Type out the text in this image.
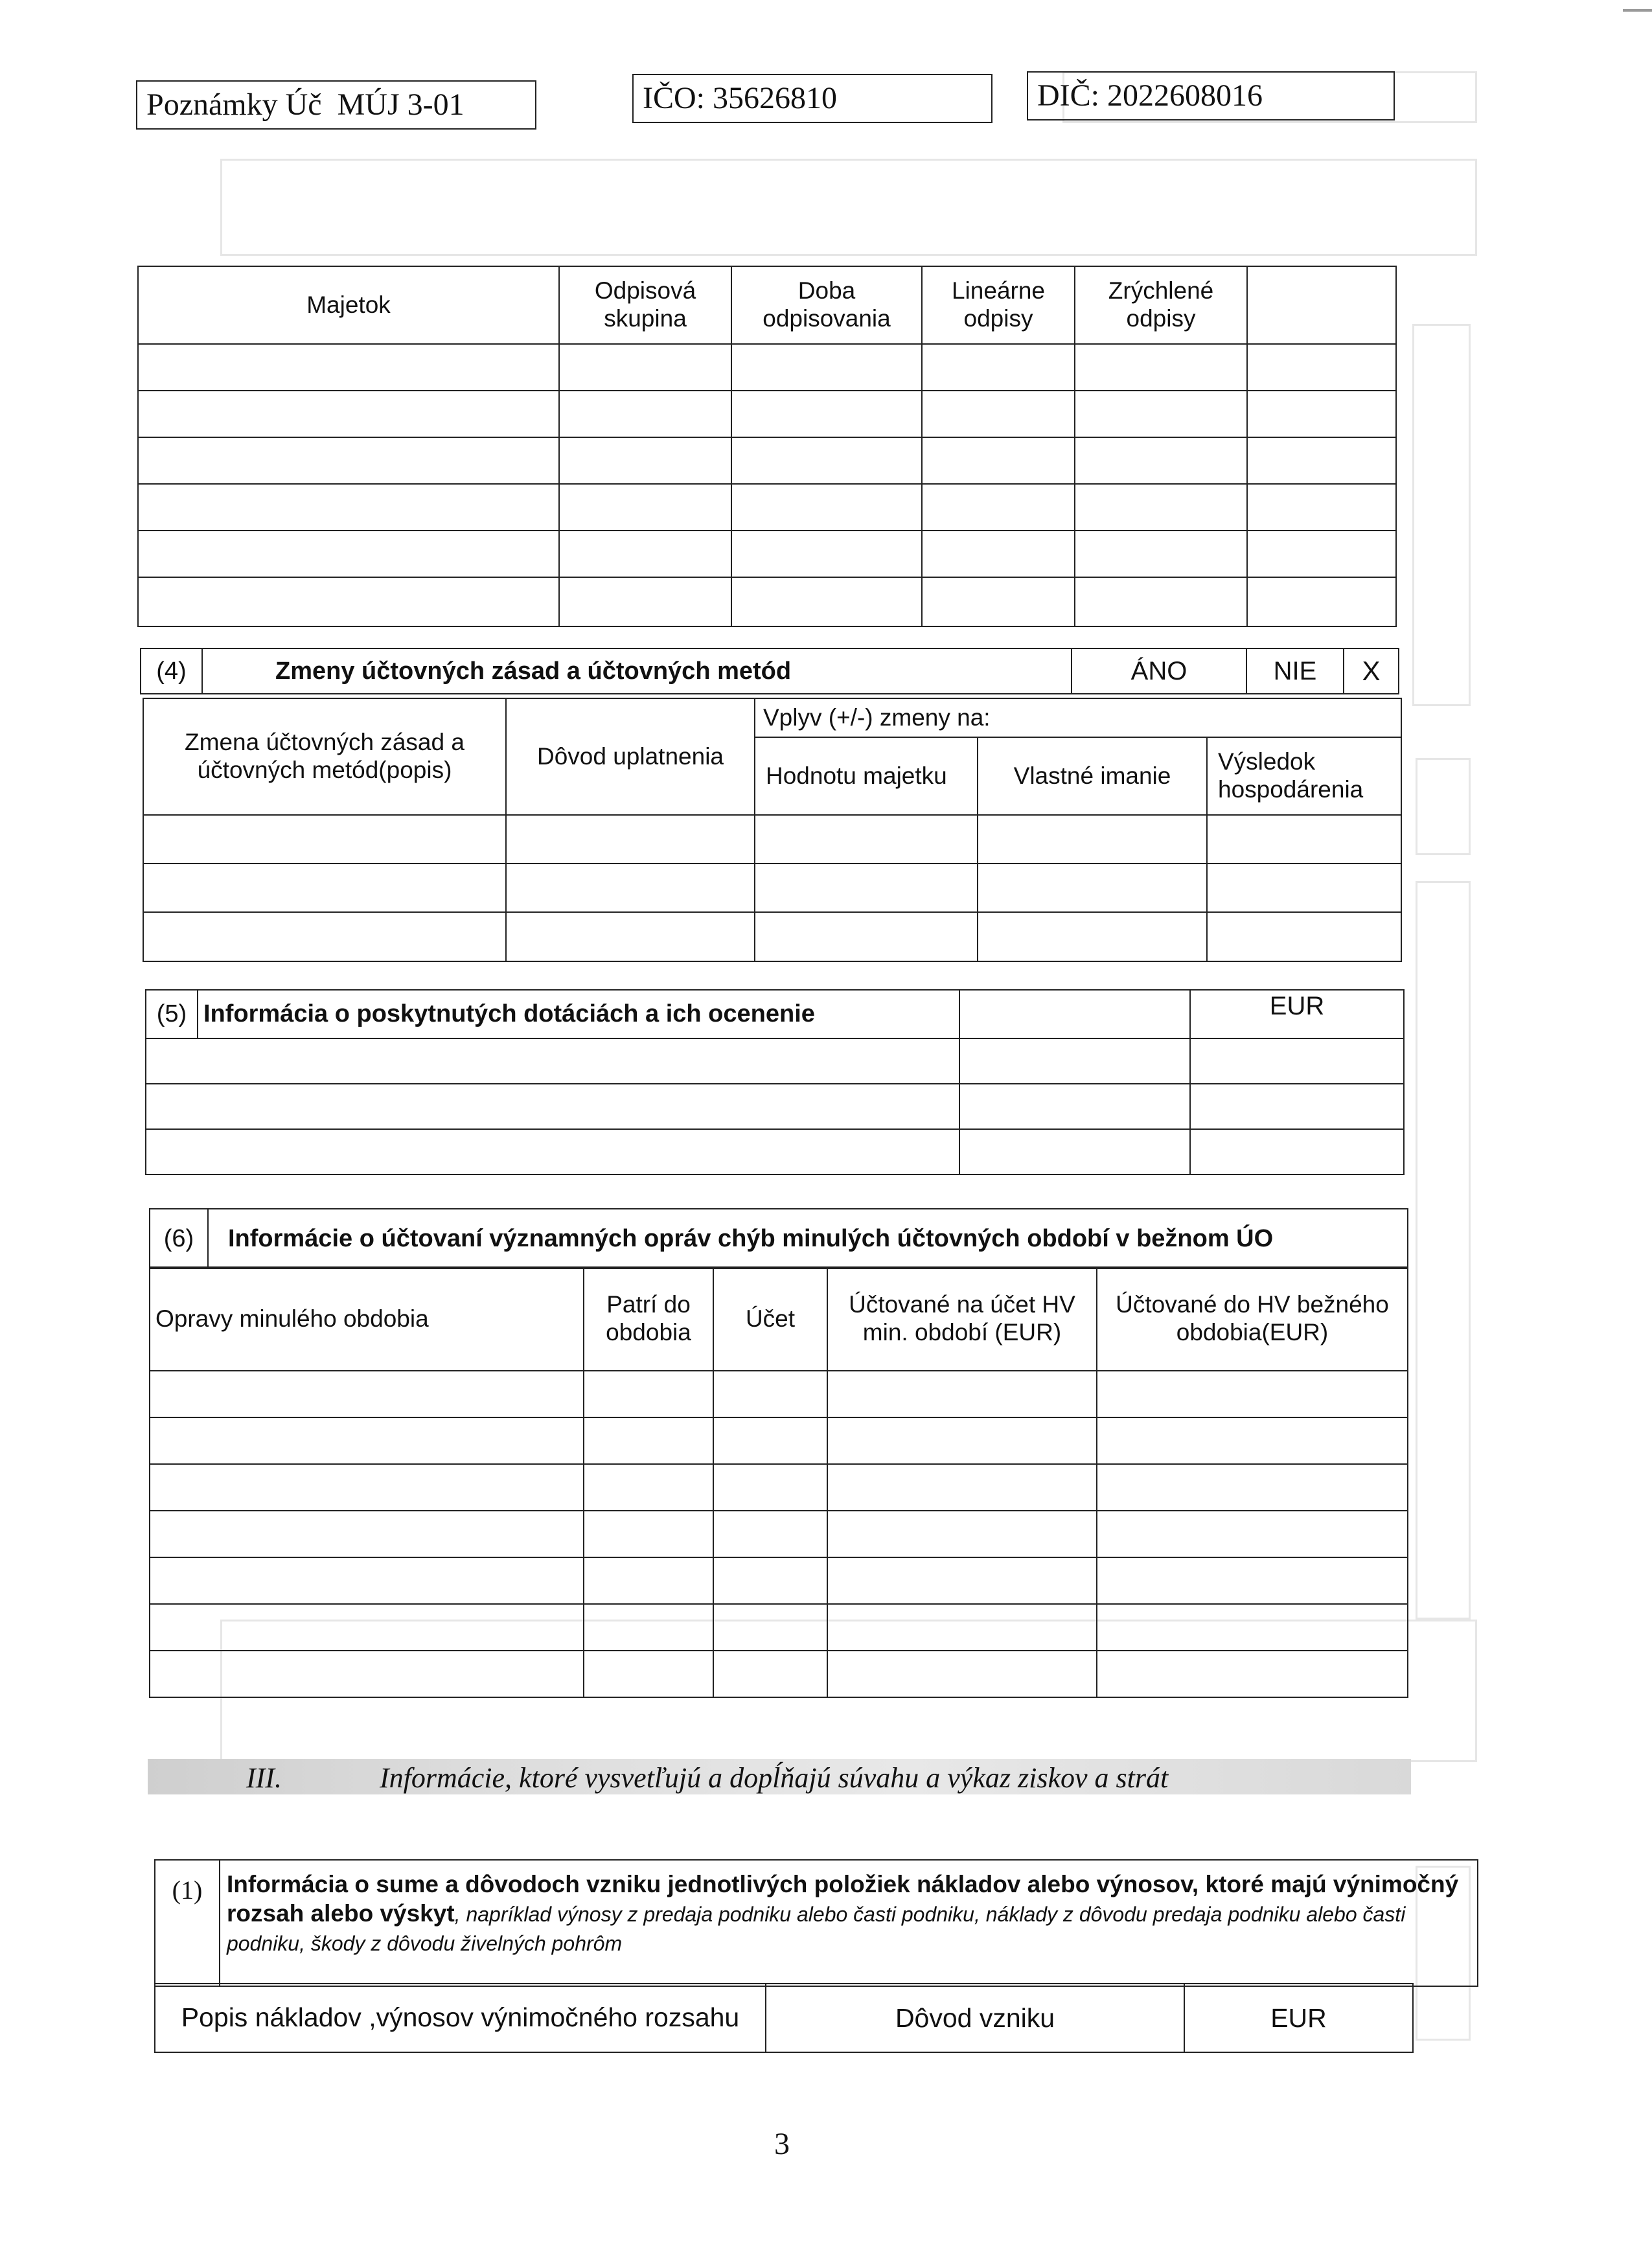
Poznámky Úč  MÚJ 3-01	IČO: 35626810	DIČ: 2022608016
Majetok	Odpisová skupina	Doba odpisovania	Lineárne odpisy	Zrýchlené odpisy	

(4)	Zmeny účtovných zásad a účtovných metód	ÁNO	NIE	X
Zmena účtovných zásad a účtovných metód(popis)	Dôvod uplatnenia	Vplyv (+/-) zmeny na:		
		Hodnotu majetku	Vlastné imanie	Výsledok hospodárenia

(5)	Informácia o poskytnutých dotáciách a ich ocenenie		EUR

(6)	Informácie o účtovaní významných opráv chýb minulých účtovných období v bežnom ÚO
Opravy minulého obdobia	Patrí do obdobia	Účet	Účtované na účet HV min. období (EUR)	Účtované do HV bežného obdobia(EUR)

III.	Informácie, ktoré vysvetľujú a dopĺňajú súvahu a výkaz ziskov a strát
(1)	Informácia o sume a dôvodoch vzniku jednotlivých položiek nákladov alebo výnosov, ktoré majú výnimočný rozsah alebo výskyt, napríklad výnosy z predaja podniku alebo časti podniku, náklady z dôvodu predaja podniku alebo časti podniku, škody z dôvodu živelných pohrôm
Popis nákladov ,výnosov výnimočného rozsahu	Dôvod vzniku	EUR
3
